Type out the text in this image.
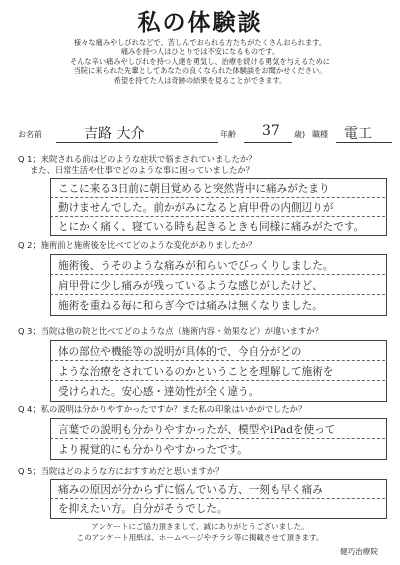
私の体験談
様々な痛みやしびれなどで、苦しんでおられる方たちがたくさんおられます。
痛みを持つ人はひとりでは不安になるものです。
そんな辛い痛みやしびれを持つ人達を勇気し、治療を続ける勇気を与えるために
当院に来られた先輩としてあなたの良くなられた体験談をお聞かせください。
希望を持てた人は奇跡の結果を見ることができます。
お名前	吉路 大介	年齢 37 歳) 職種 電工
Q 1；来院される前はどのような症状で悩まされていましたか？
また、日常生活や仕事でどのような事に困っていましたか？
ここに来る3日前に朝目覚めると突然背中に痛みがたまり
動けませんでした。前かがみになると肩甲骨の内側辺りが
とにかく痛く、寝ている時も起きるときも同様に痛みがたです。
Q 2；施術前と施術後を比べてどのような変化がありましたか？
施術後、うそのような痛みが和らいでびっくりしました。
肩甲骨に少し痛みが残っているような感じがしたけど、
施術を重ねる毎に和らぎ今では痛みは無くなりました。
Q 3；当院は他の院と比べてどのような点（施術内容・効果など）が違いますか？
体の部位や機能等の説明が具体的で、今自分がどの
ような治療をされているのかということを理解して施術を
受けられた。安心感・達効性が全く違う。
Q 4；私の説明は分かりやすかったですか？また私の印象はいかがでしたか？
言葉での説明も分かりやすかったが、模型やiPadを使って
より視覚的にも分かりやすかったです。
Q 5；当院はどのような方におすすめだと思いますか？
痛みの原因が分からずに悩んでいる方、一刻も早く痛み
を抑えたい方。自分がそうでした。
アンケートにご協力頂きまして、誠にありがとうございました。
このアンケート用紙は、ホームページやチラシ等に掲載させて頂きます。
健巧治療院
